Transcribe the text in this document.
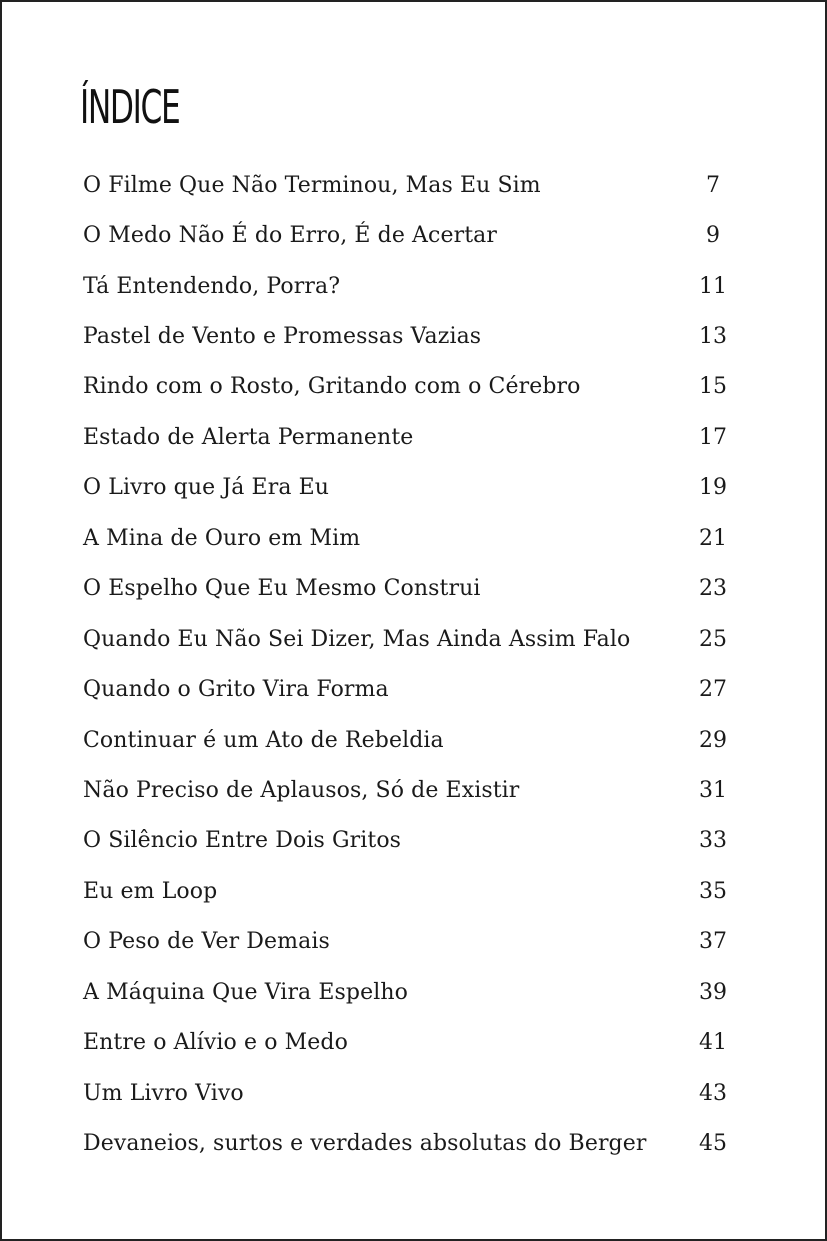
ÍNDICE
O Filme Que Não Terminou, Mas Eu Sim	7
O Medo Não É do Erro, É de Acertar	9
Tá Entendendo, Porra?	11
Pastel de Vento e Promessas Vazias	13
Rindo com o Rosto, Gritando com o Cérebro	15
Estado de Alerta Permanente	17
O Livro que Já Era Eu	19
A Mina de Ouro em Mim	21
O Espelho Que Eu Mesmo Construi	23
Quando Eu Não Sei Dizer, Mas Ainda Assim Falo	25
Quando o Grito Vira Forma	27
Continuar é um Ato de Rebeldia	29
Não Preciso de Aplausos, Só de Existir	31
O Silêncio Entre Dois Gritos	33
Eu em Loop	35
O Peso de Ver Demais	37
A Máquina Que Vira Espelho	39
Entre o Alívio e o Medo	41
Um Livro Vivo	43
Devaneios, surtos e verdades absolutas do Berger	45
